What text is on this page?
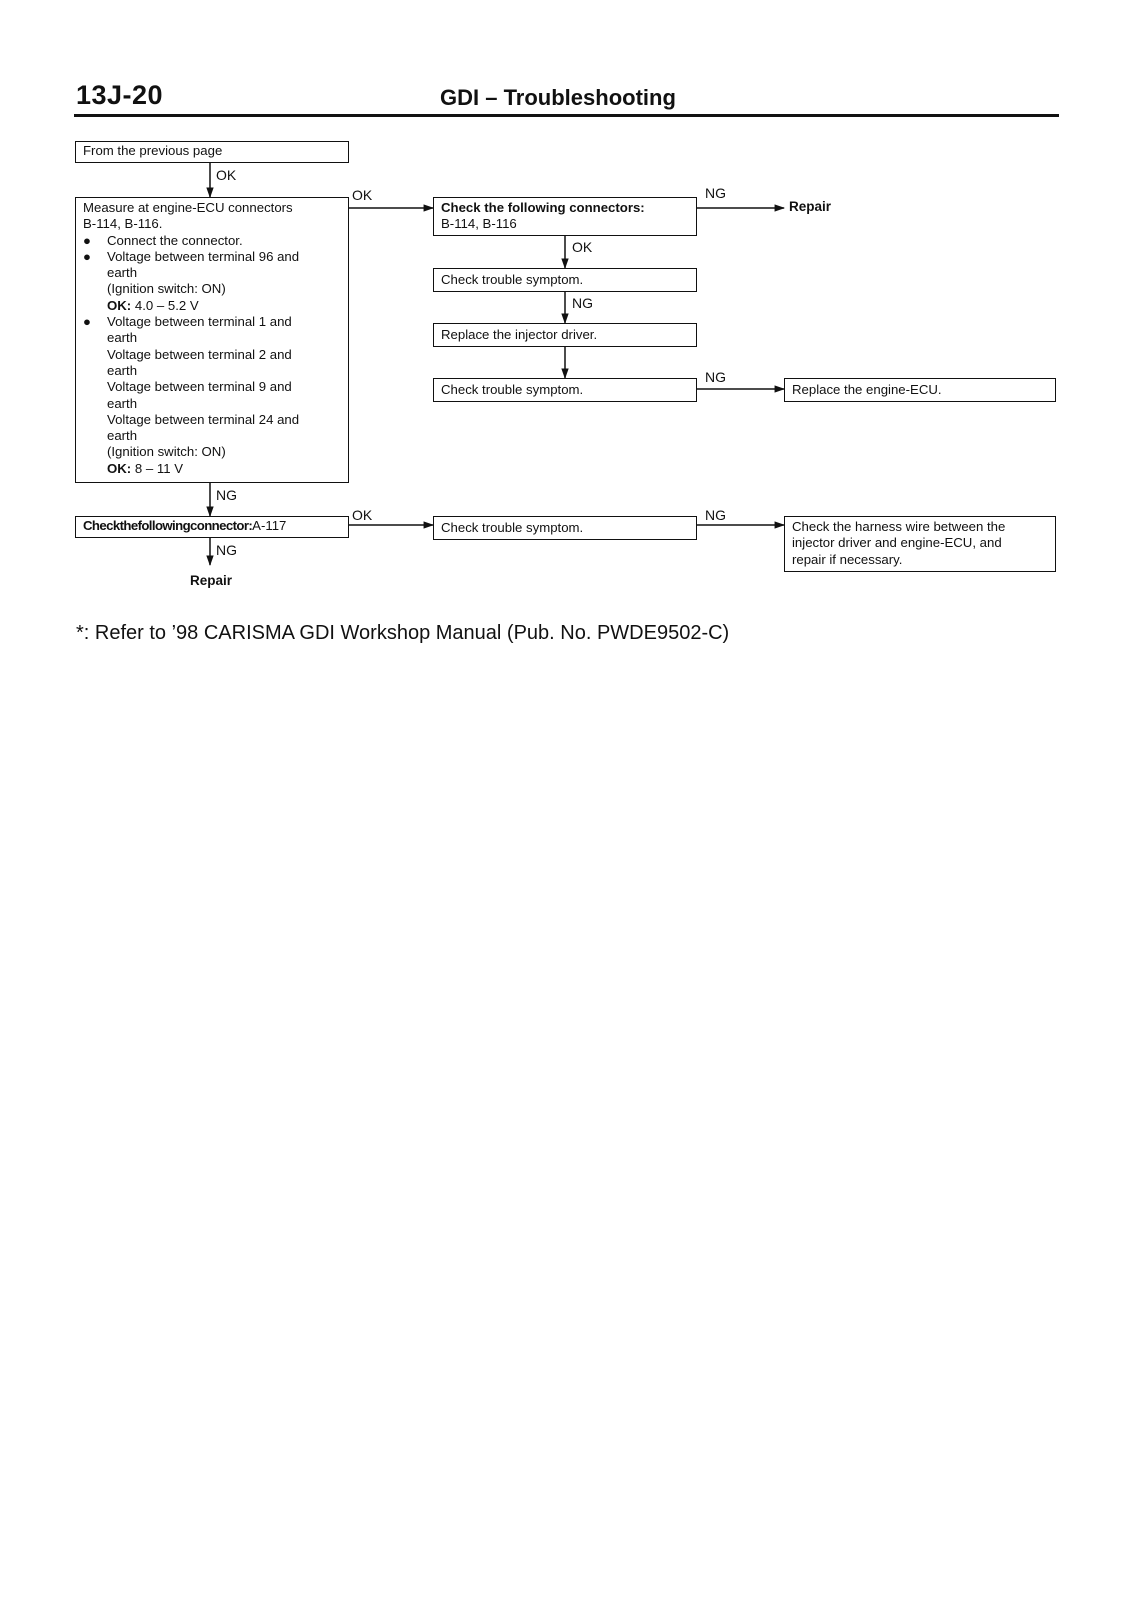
13J-20	GDI – Troubleshooting
From the previous page
Measure at engine-ECU connectors
B-114, B-116.
●	Connect the connector.
●	Voltage between terminal 96 and
earth
(Ignition switch: ON)
OK: 4.0 – 5.2 V
●	Voltage between terminal 1 and
earth
Voltage between terminal 2 and
earth
Voltage between terminal 9 and
earth
Voltage between terminal 24 and
earth
(Ignition switch: ON)
OK: 8 – 11 V
Check the following connectors:
B-114, B-116
Check trouble symptom.
Replace the injector driver.
Check trouble symptom.	Replace the engine-ECU.
Checkthefollowingconnector:A-117	Check trouble symptom.	Check the harness wire between the
injector driver and engine-ECU, and
repair if necessary.
OK
OK	NG
Repair
OK
NG
NG
NG
OK	NG
NG
Repair
*: Refer to ’98 CARISMA GDI Workshop Manual (Pub. No. PWDE9502-C)
